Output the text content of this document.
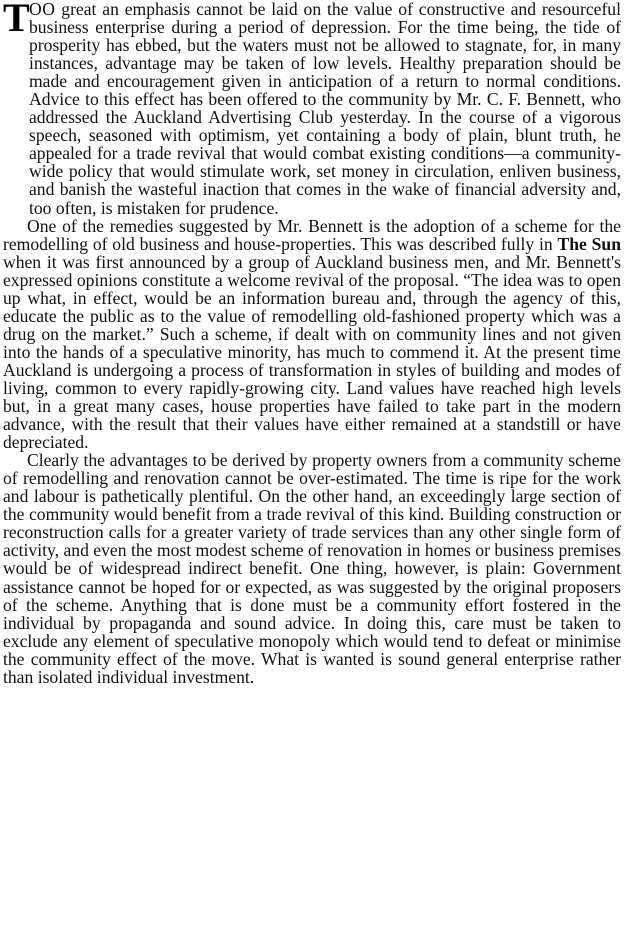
T OO great an emphasis cannot be laid on the value of constructive and resourceful business enterprise during a period of depression. For the time being, the tide of prosperity has ebbed, but the waters must not be allowed to stagnate, for, in many instances, advantage may be taken of low levels. Healthy preparation should be made and encouragement given in anticipation of a return to normal conditions. Advice to this effect has been offered to the community by Mr. C. F. Bennett, who addressed the Auckland Advertising Club yesterday. In the course of a vigorous speech, seasoned with optimism, yet containing a body of plain, blunt truth, he appealed for a trade revival that would combat existing conditions—a community-wide policy that would stimulate work, set money in circulation, enliven business, and banish the wasteful inaction that comes in the wake of financial adversity and, too often, is mistaken for prudence.

One of the remedies suggested by Mr. Bennett is the adoption of a scheme for the remodelling of old business and house-properties. This was described fully in The Sun when it was first announced by a group of Auckland business men, and Mr. Bennett's expressed opinions constitute a welcome revival of the proposal. “The idea was to open up what, in effect, would be an information bureau and, through the agency of this, educate the public as to the value of remodelling old-fashioned property which was a drug on the market.” Such a scheme, if dealt with on community lines and not given into the hands of a speculative minority, has much to commend it. At the present time Auckland is undergoing a process of transformation in styles of building and modes of living, common to every rapidly-growing city. Land values have reached high levels but, in a great many cases, house properties have failed to take part in the modern advance, with the result that their values have either remained at a standstill or have depreciated.

Clearly the advantages to be derived by property owners from a community scheme of remodelling and renovation cannot be over-estimated. The time is ripe for the work and labour is pathetically plentiful. On the other hand, an exceedingly large section of the community would benefit from a trade revival of this kind. Building construction or reconstruction calls for a greater variety of trade services than any other single form of activity, and even the most modest scheme of renovation in homes or business premises would be of widespread indirect benefit. One thing, however, is plain: Government assistance cannot be hoped for or expected, as was suggested by the original proposers of the scheme. Anything that is done must be a community effort fostered in the individual by propaganda and sound advice. In doing this, care must be taken to exclude any element of speculative monopoly which would tend to defeat or minimise the community effect of the move. What is wanted is sound general enterprise rather than isolated individual investment.
